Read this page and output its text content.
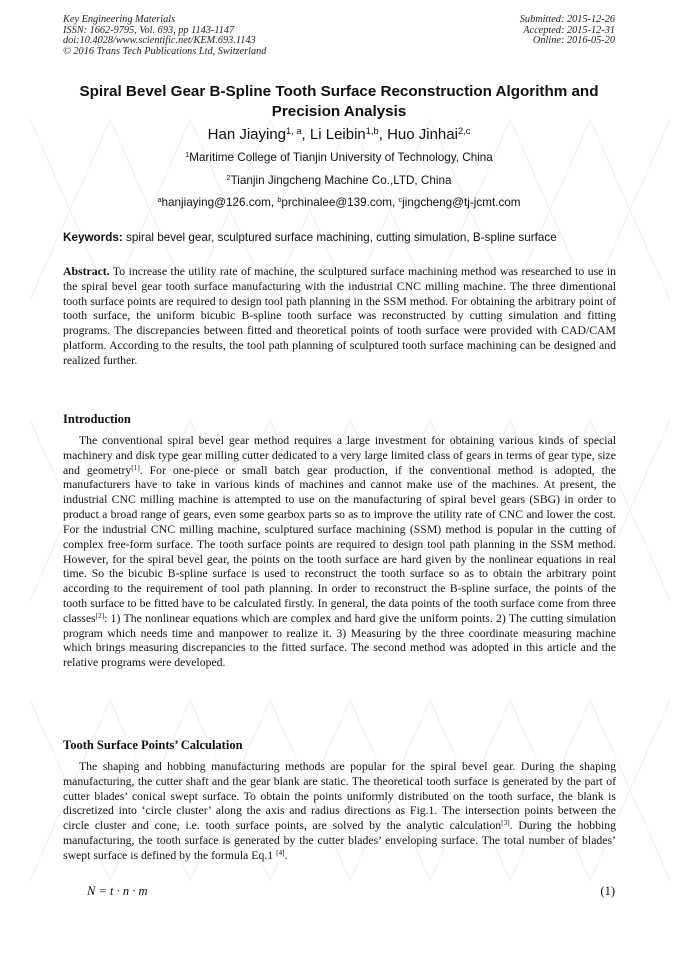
Key Engineering Materials
ISSN: 1662-9795, Vol. 693, pp 1143-1147
doi:10.4028/www.scientific.net/KEM.693.1143
© 2016 Trans Tech Publications Ltd, Switzerland
Submitted: 2015-12-26
Accepted: 2015-12-31
Online: 2016-05-20
Spiral Bevel Gear B-Spline Tooth Surface Reconstruction Algorithm and Precision Analysis
Han Jiaying$^{1, a}$, Li Leibin$^{1,b}$, Huo Jinhai$^{2,c}$
$^1$Maritime College of Tianjin University of Technology, China
$^2$Tianjin Jingcheng Machine Co.,LTD, China
$^a$hanjiaying@126.com, $^b$prchinalee@139.com, $^c$jingcheng@tj-jcmt.com
Keywords: spiral bevel gear, sculptured surface machining, cutting simulation, B-spline surface
Abstract. To increase the utility rate of machine, the sculptured surface machining method was researched to use in the spiral bevel gear tooth surface manufacturing with the industrial CNC milling machine. The three dimentional tooth surface points are required to design tool path planning in the SSM method. For obtaining the arbitrary point of tooth surface, the uniform bicubic B-spline tooth surface was reconstructed by cutting simulation and fitting programs. The discrepancies between fitted and theoretical points of tooth surface were provided with CAD/CAM platform. According to the results, the tool path planning of sculptured tooth surface machining can be designed and realized further.
Introduction
The conventional spiral bevel gear method requires a large investment for obtaining various kinds of special machinery and disk type gear milling cutter dedicated to a very large limited class of gears in terms of gear type, size and geometry[1]. For one-piece or small batch gear production, if the conventional method is adopted, the manufacturers have to take in various kinds of machines and cannot make use of the machines. At present, the industrial CNC milling machine is attempted to use on the manufacturing of spiral bevel gears (SBG) in order to product a broad range of gears, even some gearbox parts so as to improve the utility rate of CNC and lower the cost. For the industrial CNC milling machine, sculptured surface machining (SSM) method is popular in the cutting of complex free-form surface. The tooth surface points are required to design tool path planning in the SSM method. However, for the spiral bevel gear, the points on the tooth surface are hard given by the nonlinear equations in real time. So the bicubic B-spline surface is used to reconstruct the tooth surface so as to obtain the arbitrary point according to the requirement of tool path planning. In order to reconstruct the B-spline surface, the points of the tooth surface to be fitted have to be calculated firstly. In general, the data points of the tooth surface come from three classes[2]: 1) The nonlinear equations which are complex and hard give the uniform points. 2) The cutting simulation program which needs time and manpower to realize it. 3) Measuring by the three coordinate measuring machine which brings measuring discrepancies to the fitted surface. The second method was adopted in this article and the relative programs were developed.
Tooth Surface Points’ Calculation
The shaping and hobbing manufacturing methods are popular for the spiral bevel gear. During the shaping manufacturing, the cutter shaft and the gear blank are static. The theoretical tooth surface is generated by the part of cutter blades’ conical swept surface. To obtain the points uniformly distributed on the tooth surface, the blank is discretized into ‘circle cluster’ along the axis and radius directions as Fig.1. The intersection points between the circle cluster and cone, i.e. tooth surface points, are solved by the analytic calculation[3]. During the hobbing manufacturing, the tooth surface is generated by the cutter blades’ enveloping surface. The total number of blades’ swept surface is defined by the formula Eq.1 [4].
N = t · n · m	(1)
